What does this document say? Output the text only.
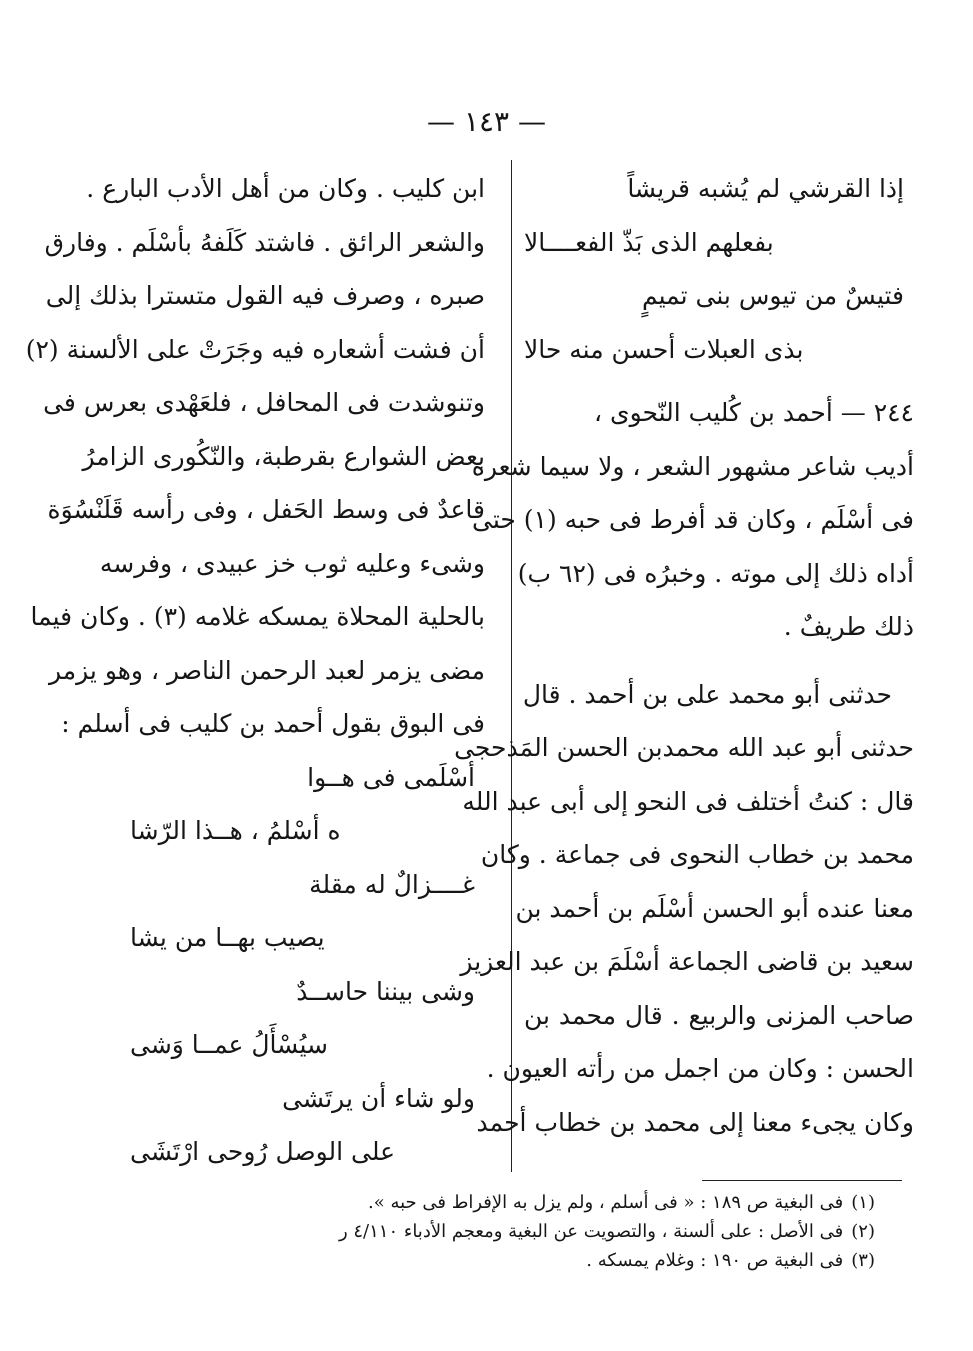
— ١٤٣ —
إذا القرشي لم يُشبه قريشاً
بفعلهم الذى بَذّ الفعــــالا
فتيسٌ من تيوس بنى تميمٍ
بذى العبلات أحسن منه حالا
٢٤٤ — أحمد بن كُليب النّحوى ،
أديب شاعر مشهور الشعر ، ولا سيما شعره
فى أسْلَم ، وكان قد أفرط فى حبه (١) حتى
أداه ذلك إلى موته . وخبرُه فى (٦٢ ب)
ذلك طريفٌ .
حدثنى أبو محمد على بن أحمد . قال
حدثنى أبو عبد الله محمدبن الحسن المَذحجى
قال : كنتُ أختلف فى النحو إلى أبى عبد الله
محمد بن خطاب النحوى فى جماعة . وكان
معنا عنده أبو الحسن أسْلَم بن أحمد بن
سعيد بن قاضى الجماعة أسْلَمَ بن عبد العزيز
صاحب المزنى والربيع . قال محمد بن
الحسن : وكان من اجمل من رأته العيون .
وكان يجىء معنا إلى محمد بن خطاب أحمد
ابن كليب . وكان من أهل الأدب البارع .
والشعر الرائق . فاشتد كَلَفهُ بأسْلَم . وفارق
صبره ، وصرف فيه القول متسترا بذلك إلى
أن فشت أشعاره فيه وجَرَتْ على الألسنة (٢)
وتنوشدت فى المحافل ، فلعَهْدى بعرس فى
بعض الشوارع بقرطبة، والنّكُورى الزامرُ
قاعدٌ فى وسط الحَفل ، وفى رأسه قَلَنْسُوَة
وشىء وعليه ثوب خز عبيدى ، وفرسه
بالحلية المحلاة يمسكه غلامه (٣) . وكان فيما
مضى يزمر لعبد الرحمن الناصر ، وهو يزمر
فى البوق بقول أحمد بن كليب فى أسلم :
أسْلَمى فى هــوا
ه أسْلمُ ، هــذا الرّشا
غــــزالٌ له مقلة
يصيب بهــا من يشا
وشى بيننا حاســدٌ
سيُسْأَلُ عمــا وَشى
ولو شاء أن يرتَشى
على الوصل رُوحى ارْتَشَى
(١)فى البغية ص ١٨٩ : « فى أسلم ، ولم يزل به الإفراط فى حبه ».
(٢)فى الأصل : على ألسنة ، والتصويت عن البغية ومعجم الأدباء ٤/١١٠ ر
(٣)فى البغية ص ١٩٠ : وغلام يمسكه .
